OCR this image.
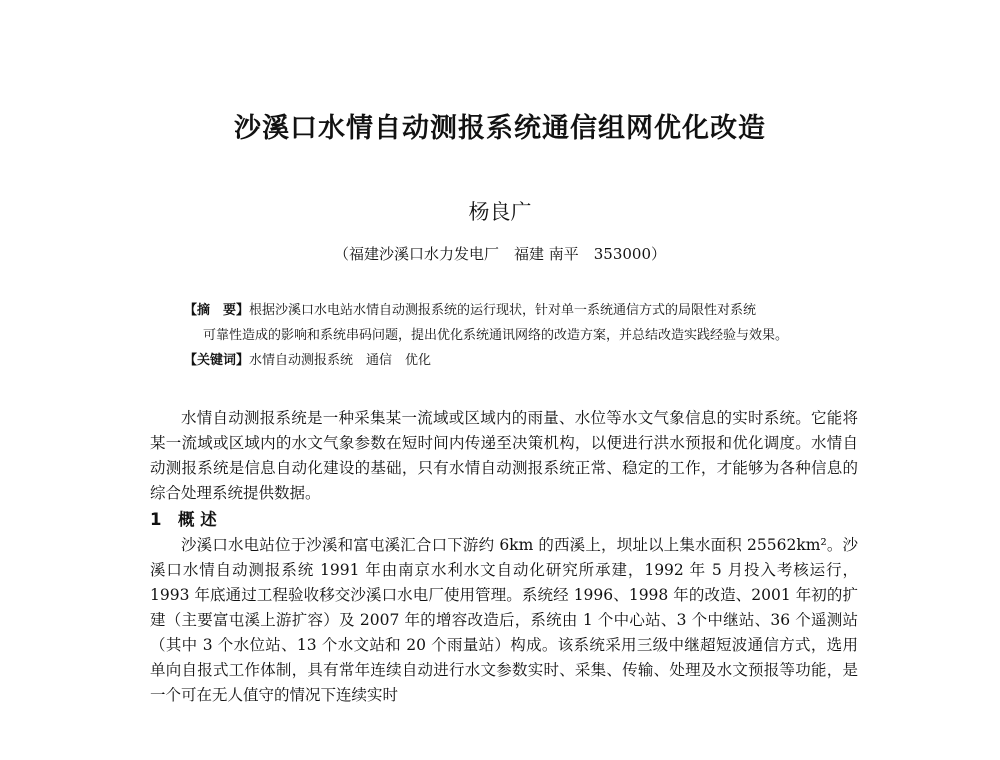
沙溪口水情自动测报系统通信组网优化改造
杨良广
（福建沙溪口水力发电厂　福建 南平　353000）
【摘　要】根据沙溪口水电站水情自动测报系统的运行现状，针对单一系统通信方式的局限性对系统
可靠性造成的影响和系统串码问题，提出优化系统通讯网络的改造方案，并总结改造实践经验与效果。
【关键词】水情自动测报系统　通信　优化

水情自动测报系统是一种采集某一流域或区域内的雨量、水位等水文气象信息的实时系统。它能将某一流域或区域内的水文气象参数在短时间内传递至决策机构，以便进行洪水预报和优化调度。水情自动测报系统是信息自动化建设的基础，只有水情自动测报系统正常、稳定的工作，才能够为各种信息的综合处理系统提供数据。

1 概 述

沙溪口水电站位于沙溪和富屯溪汇合口下游约 6km 的西溪上，坝址以上集水面积 25562km²。沙溪口水情自动测报系统 1991 年由南京水利水文自动化研究所承建，1992 年 5 月投入考核运行，1993 年底通过工程验收移交沙溪口水电厂使用管理。系统经 1996、1998 年的改造、2001 年初的扩建（主要富屯溪上游扩容）及 2007 年的增容改造后，系统由 1 个中心站、3 个中继站、36 个遥测站（其中 3 个水位站、13 个水文站和 20 个雨量站）构成。该系统采用三级中继超短波通信方式，选用单向自报式工作体制，具有常年连续自动进行水文参数实时、采集、传输、处理及水文预报等功能，是一个可在无人值守的情况下连续实时
